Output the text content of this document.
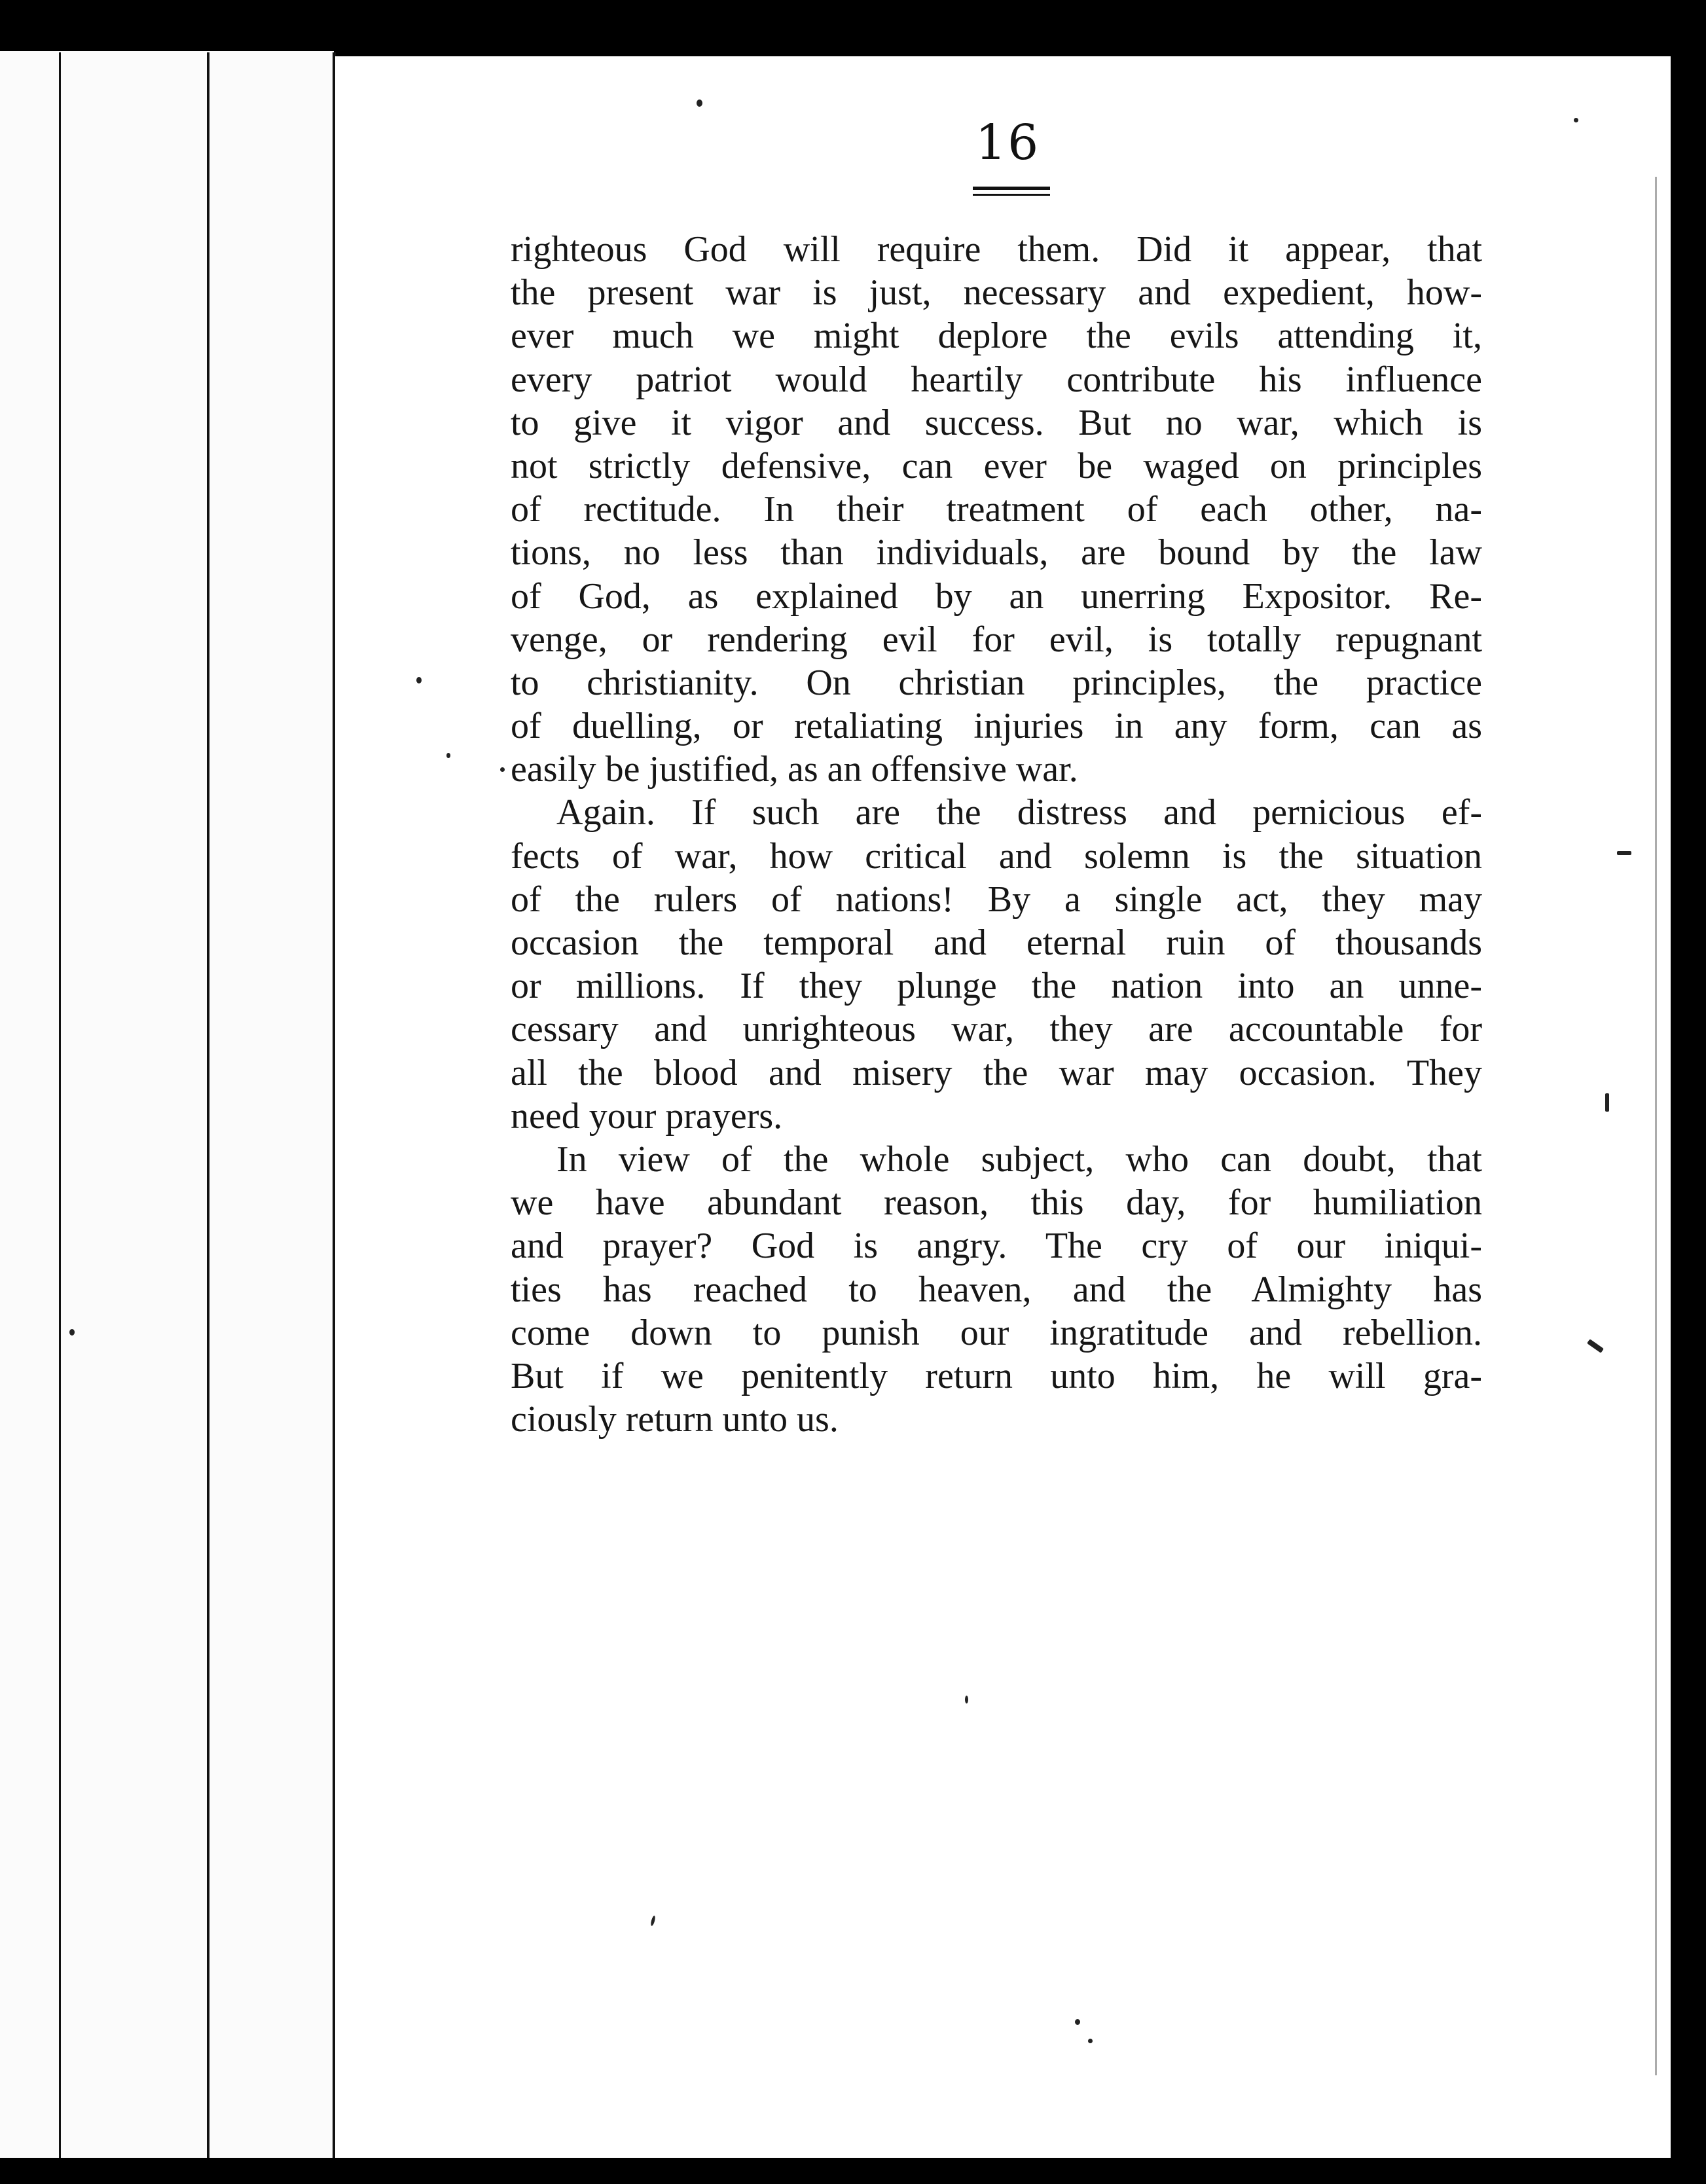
16
righteous God will require them. Did it appear, that
the present war is just, necessary and expedient, how-
ever much we might deplore the evils attending it,
every patriot would heartily contribute his influence
to give it vigor and success. But no war, which is
not strictly defensive, can ever be waged on principles
of rectitude. In their treatment of each other, na-
tions, no less than individuals, are bound by the law
of God, as explained by an unerring Expositor. Re-
venge, or rendering evil for evil, is totally repugnant
to christianity. On christian principles, the practice
of duelling, or retaliating injuries in any form, can as
easily be justified, as an offensive war.
Again. If such are the distress and pernicious ef-
fects of war, how critical and solemn is the situation
of the rulers of nations! By a single act, they may
occasion the temporal and eternal ruin of thousands
or millions. If they plunge the nation into an unne-
cessary and unrighteous war, they are accountable for
all the blood and misery the war may occasion. They
need your prayers.
In view of the whole subject, who can doubt, that
we have abundant reason, this day, for humiliation
and prayer? God is angry. The cry of our iniqui-
ties has reached to heaven, and the Almighty has
come down to punish our ingratitude and rebellion.
But if we penitently return unto him, he will gra-
ciously return unto us.
